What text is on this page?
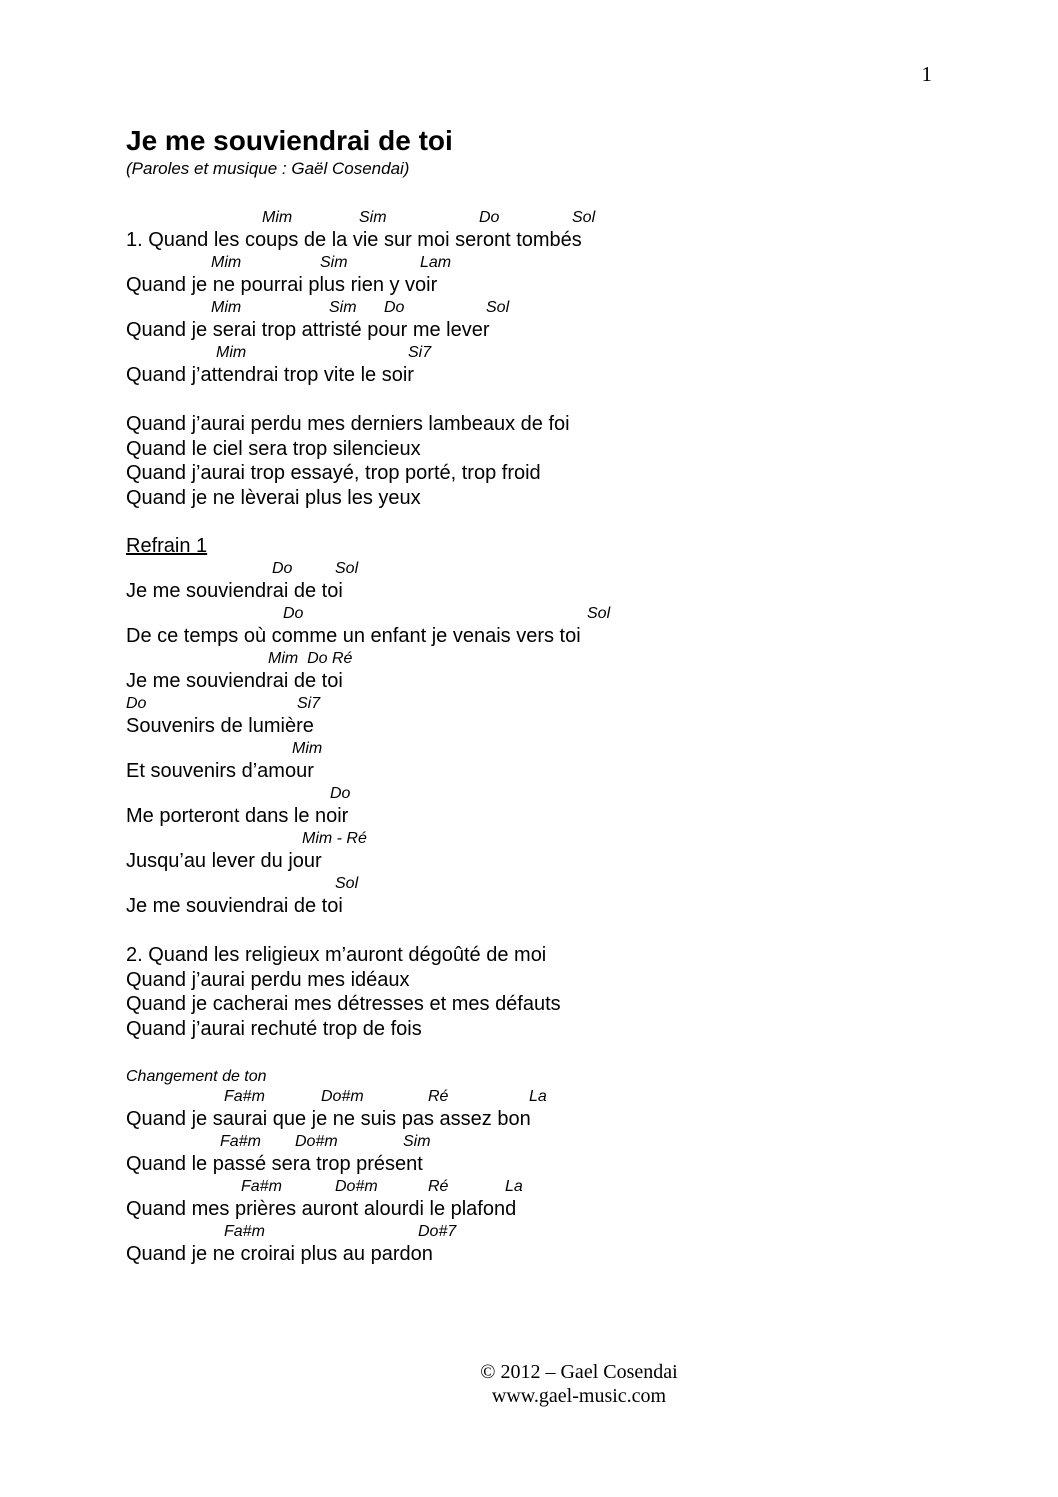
1
Je me souviendrai de toi
(Paroles et musique : Gaël Cosendai)
Mim	Sim	Do	Sol
1. Quand les coups de la vie sur moi seront tombés
Mim	Sim	Lam
Quand je ne pourrai plus rien y voir
Mim	Sim Do	Sol
Quand je serai trop attristé pour me lever
Mim	Si7
Quand j’attendrai trop vite le soir
Quand j’aurai perdu mes derniers lambeaux de foi
Quand le ciel sera trop silencieux
Quand j’aurai trop essayé, trop porté, trop froid
Quand je ne lèverai plus les yeux
Refrain 1
Do	Sol
Je me souviendrai de toi
Do	Sol
De ce temps où comme un enfant je venais vers toi
Mim  Do Ré
Je me souviendrai de toi
Do	Si7
Souvenirs de lumière
Mim
Et souvenirs d’amour
Do
Me porteront dans le noir
Mim - Ré
Jusqu’au lever du jour
Sol
Je me souviendrai de toi
2. Quand les religieux m’auront dégoûté de moi
Quand j’aurai perdu mes idéaux
Quand je cacherai mes détresses et mes défauts
Quand j’aurai rechuté trop de fois
Changement de ton
Fa#m	Do#m	Ré	La
Quand je saurai que je ne suis pas assez bon
Fa#m Do#m	Sim
Quand le passé sera trop présent
Fa#m	Do#m	Ré	La
Quand mes prières auront alourdi le plafond
Fa#m	Do#7
Quand je ne croirai plus au pardon
© 2012 – Gael Cosendai
www.gael-music.com
